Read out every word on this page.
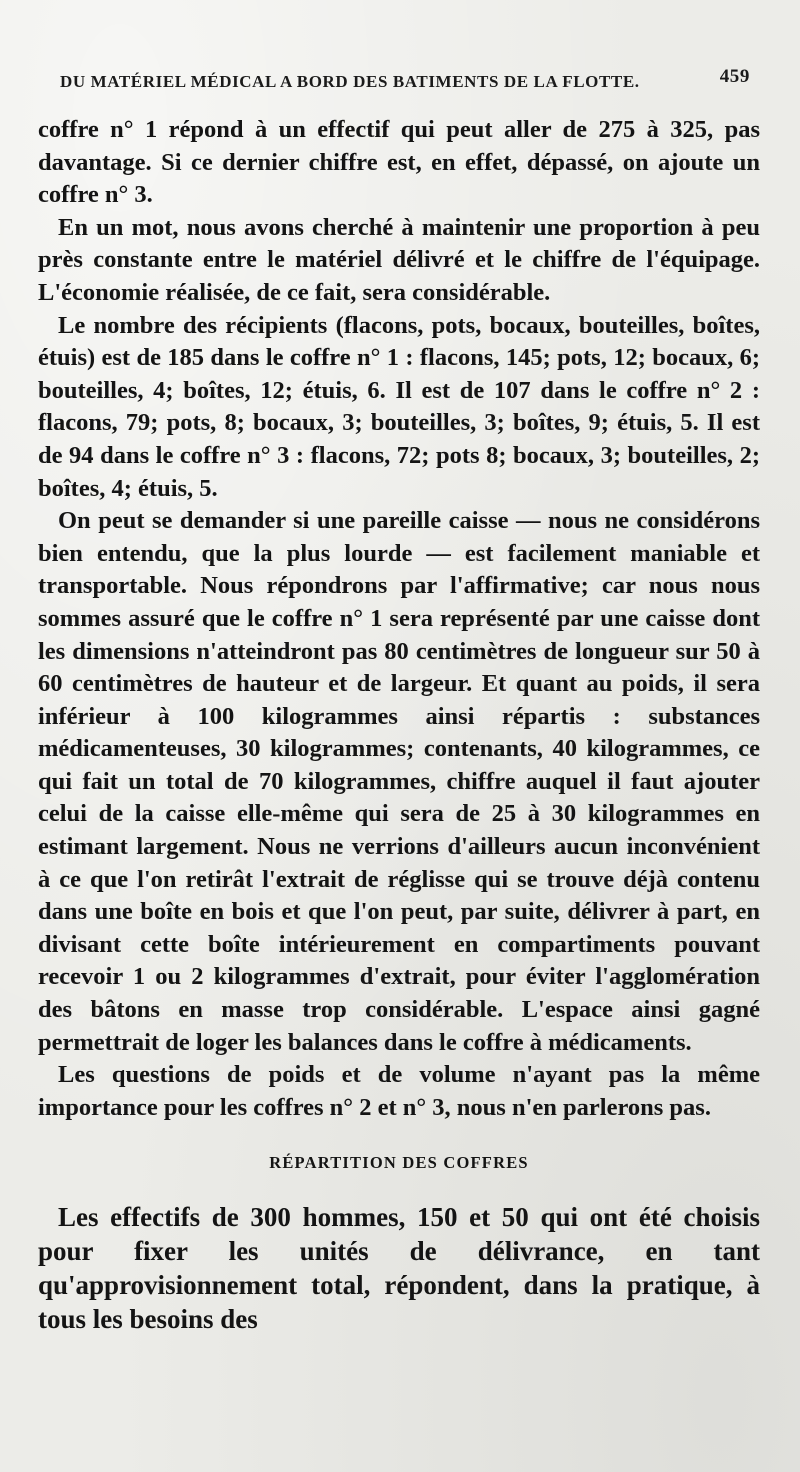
DU MATÉRIEL MÉDICAL A BORD DES BATIMENTS DE LA FLOTTE.	459

coffre n° 1 répond à un effectif qui peut aller de 275 à 325, pas davantage. Si ce dernier chiffre est, en effet, dépassé, on ajoute un coffre n° 3.

En un mot, nous avons cherché à maintenir une proportion à peu près constante entre le matériel délivré et le chiffre de l'équipage. L'économie réalisée, de ce fait, sera considérable.

Le nombre des récipients (flacons, pots, bocaux, bouteilles, boîtes, étuis) est de 185 dans le coffre n° 1 : flacons, 145; pots, 12; bocaux, 6; bouteilles, 4; boîtes, 12; étuis, 6. Il est de 107 dans le coffre n° 2 : flacons, 79; pots, 8; bocaux, 3; bouteilles, 3; boîtes, 9; étuis, 5. Il est de 94 dans le coffre n° 3 : flacons, 72; pots 8; bocaux, 3; bouteilles, 2; boîtes, 4; étuis, 5.

On peut se demander si une pareille caisse — nous ne considérons bien entendu, que la plus lourde — est facilement maniable et transportable. Nous répondrons par l'affirmative; car nous nous sommes assuré que le coffre n° 1 sera représenté par une caisse dont les dimensions n'atteindront pas 80 centimètres de longueur sur 50 à 60 centimètres de hauteur et de largeur. Et quant au poids, il sera inférieur à 100 kilogrammes ainsi répartis : substances médicamenteuses, 30 kilogrammes; contenants, 40 kilogrammes, ce qui fait un total de 70 kilogrammes, chiffre auquel il faut ajouter celui de la caisse elle-même qui sera de 25 à 30 kilogrammes en estimant largement. Nous ne verrions d'ailleurs aucun inconvénient à ce que l'on retirât l'extrait de réglisse qui se trouve déjà contenu dans une boîte en bois et que l'on peut, par suite, délivrer à part, en divisant cette boîte intérieurement en compartiments pouvant recevoir 1 ou 2 kilogrammes d'extrait, pour éviter l'agglomération des bâtons en masse trop considérable. L'espace ainsi gagné permettrait de loger les balances dans le coffre à médicaments.

Les questions de poids et de volume n'ayant pas la même importance pour les coffres n° 2 et n° 3, nous n'en parlerons pas.

RÉPARTITION DES COFFRES

Les effectifs de 300 hommes, 150 et 50 qui ont été choisis pour fixer les unités de délivrance, en tant qu'approvisionnement total, répondent, dans la pratique, à tous les besoins des
